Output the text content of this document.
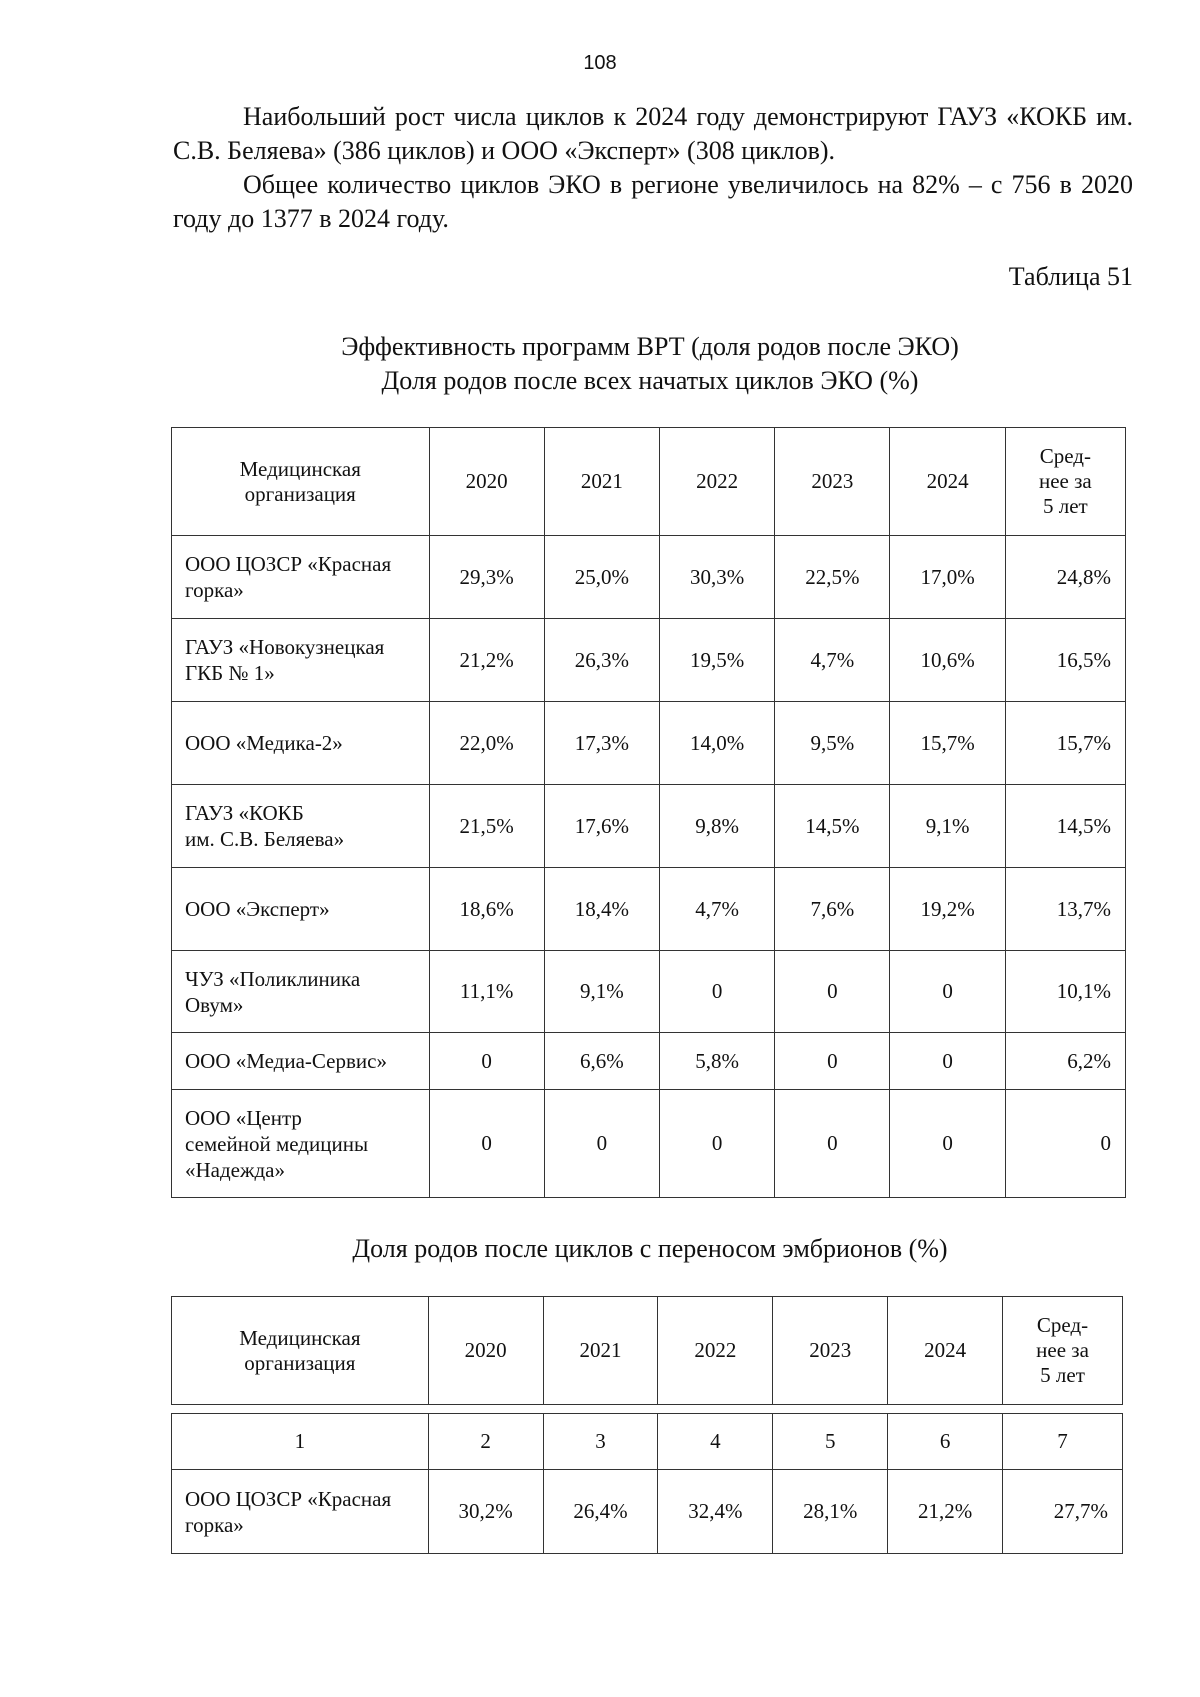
108

Наибольший рост числа циклов к 2024 году демонстрируют ГАУЗ «КОКБ им. С.В. Беляева» (386 циклов) и ООО «Эксперт» (308 циклов).

Общее количество циклов ЭКО в регионе увеличилось на 82% – с 756 в 2020 году до 1377 в 2024 году.

Таблица 51
Эффективность программ ВРТ (доля родов после ЭКО)
Доля родов после всех начатых циклов ЭКО (%)
Медицинская
организация	2020	2021	2022	2023	2024	Сред-
нее за
5 лет
ООО ЦОЗСР «Красная
горка»	29,3%	25,0%	30,3%	22,5%	17,0%	24,8%
ГАУЗ «Новокузнецкая
ГКБ № 1»	21,2%	26,3%	19,5%	4,7%	10,6%	16,5%
ООО «Медика-2»	22,0%	17,3%	14,0%	9,5%	15,7%	15,7%
ГАУЗ «КОКБ
им. С.В. Беляева»	21,5%	17,6%	9,8%	14,5%	9,1%	14,5%
ООО «Эксперт»	18,6%	18,4%	4,7%	7,6%	19,2%	13,7%
ЧУЗ «Поликлиника
Овум»	11,1%	9,1%	0	0	0	10,1%
ООО «Медиа-Сервис»	0	6,6%	5,8%	0	0	6,2%
ООО «Центр
семейной медицины
«Надежда»	0	0	0	0	0	0
Доля родов после циклов с переносом эмбрионов (%)
Медицинская
организация	2020	2021	2022	2023	2024	Сред-
нее за
5 лет
1	2	3	4	5	6	7
ООО ЦОЗСР «Красная
горка»	30,2%	26,4%	32,4%	28,1%	21,2%	27,7%
